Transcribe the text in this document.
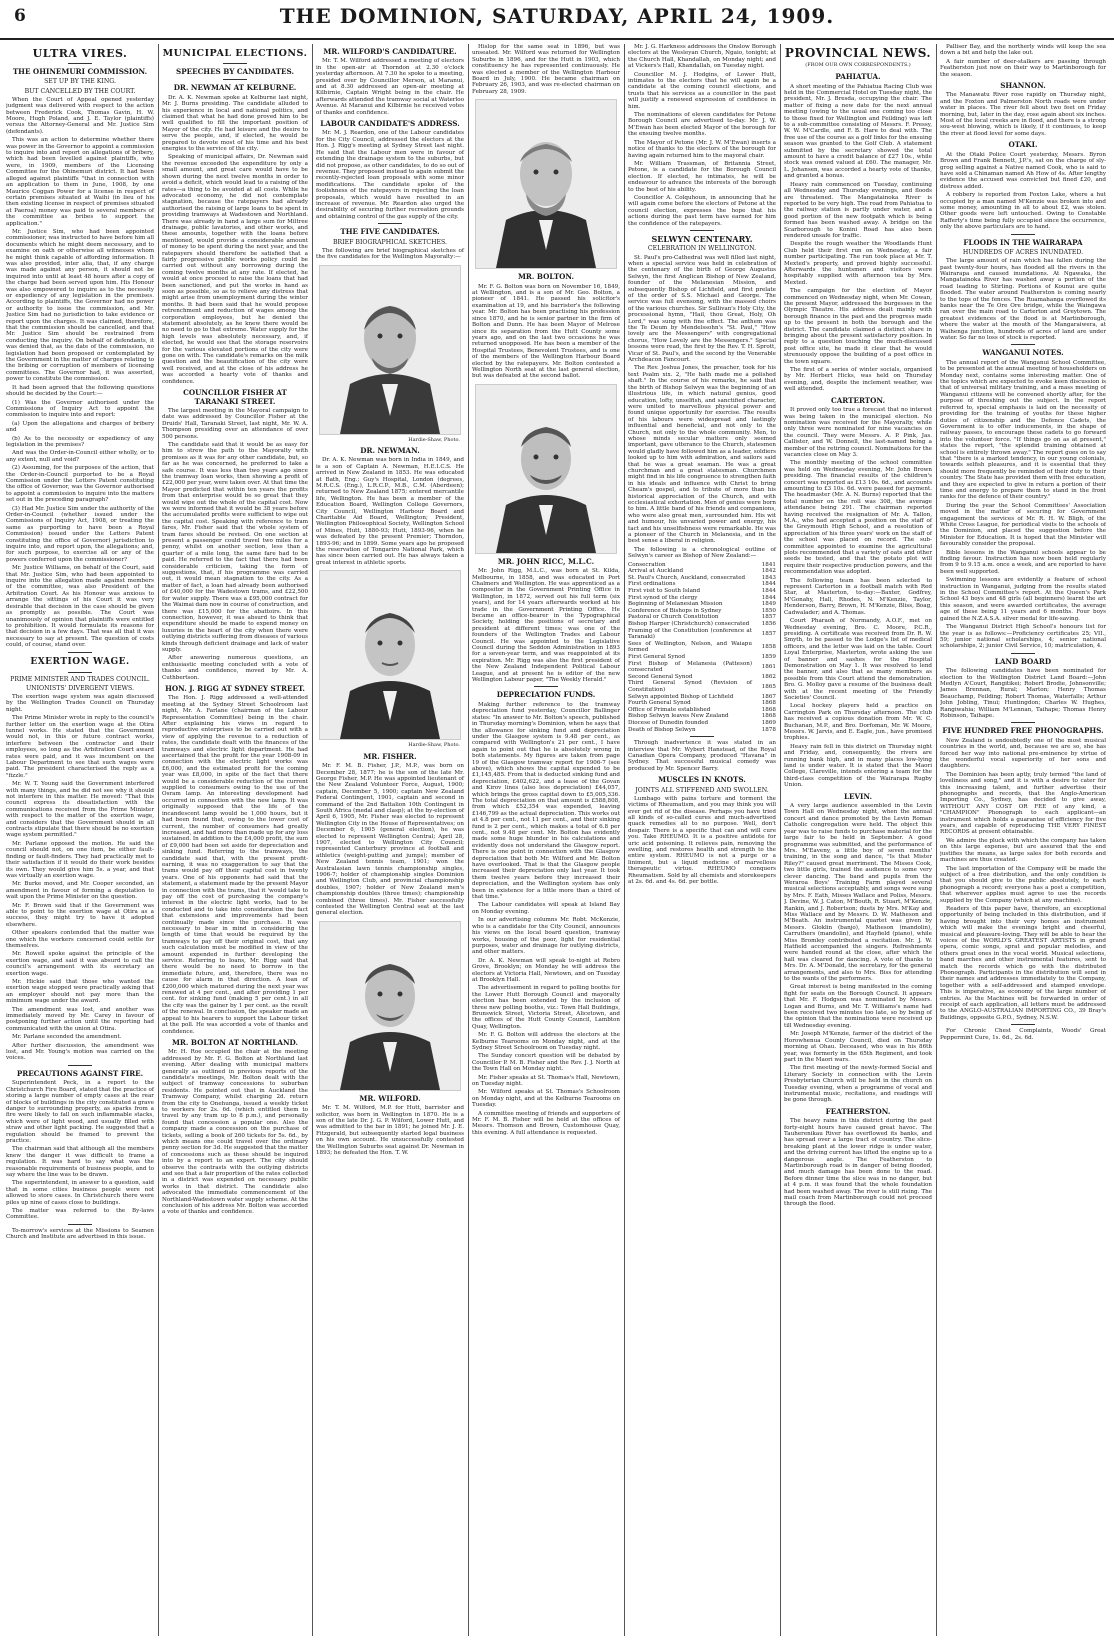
6	THE DOMINION, SATURDAY, APRIL 24, 1909.
ULTRA VIRES.
THE OHINEMURI COMMISSION.
SET UP BY THE KING.
BUT CANCELLED BY THE COURT.

When the Court of Appeal opened yesterday judgment was delivered with respect to the action between Frederick Cook, Thomas Gavin, H. W. Moore, Hugh Poland, and J. E. Taylor (plaintiffs) versus the Attorney-General and Mr. Justice Sim (defendants).

This was an action to determine whether there was power in the Governor to appoint a commission to inquire into and report on allegations of bribery, which had been levelled against plaintiffs, who were, in 1909, members of the Licensing Committee for the Ohinemuri district. It had been alleged against plaintiffs "that in connection with an application to them in June, 1908, by one Maurice Coggan Power for a license in respect of certain premises situated at Waihi (in lieu of his then existing license in respect of premises situated at Paeroa) money was paid to several members of the committee as bribes to support the application."

Mr. Justice Sim, who had been appointed commissioner, was instructed to have before him all documents which he might deem necessary, and to examine on oath or otherwise all witnesses whom he might think capable of affording information. It was also provided, inter alia, that, if any charge was made against any person, it should not be inquired into until at least 48 hours after a copy of the charge had been served upon him. His Honour was also empowered to inquire as to the necessity or expediency of any legislation in the premises. According to plaintiffs, the Governor had no power or authority to issue the commission, and Mr. Justice Sim had no jurisdiction to take evidence or report upon the charges. It was claimed, therefore, that the commission should be cancelled, and that Mr. Justice Sim should be restrained from conducting the inquiry. On behalf of defendants, it was denied that, as the date of the commission, no legislation had been proposed or contemplated by the Government in the matter of charges relating to the bribing or corruption of members of licensing committees. The Governor had, it was asserted, power to constitute the commission.

It had been agreed that the following questions should be decided by the Court:—

(1) Was the Governor authorised under the Commissions of Inquiry Act to appoint the commission to inquire into and report:

(a) Upon the allegations and charges of bribery and

(b) As to the necessity or expediency of any legislation in the premises?

And was the Order-in-Council either wholly, or to any extent, null and void?

(2) Assuming, for the purposes of the action, that the Order-in-Council purported to be a Royal Commission under the Letters Patent constituting the office of Governor, was the Governor authorised to appoint a commission to inquire into the matters set out in the preceding paragraph?

(3) Had Mr. Justice Sim under the authority of the Order-in-Council (whether issued under the Commissions of Inquiry Act, 1908, or treating the same as purporting to have been a Royal Commission) issued under the Letters Patent constituting the office of Governor) jurisdiction to inquire into, and report upon, the allegations; and, for such purpose, to exercise all or any of the powers conferred upon the commissioner?

Mr. Justice Williams, on behalf of the Court, said that Mr. Justice Sim, who had been appointed to inquire into the allegation made against members of the committee, was also President of the Arbitration Court. As his Honour was anxious to arrange the sittings of his Court it was very desirable that decision in the case should be given as promptly as possible. The Court was unanimously of opinion that plaintiffs were entitled to prohibition. It would formulate its reasons for that decision in a few days. That was all that it was necessary to say at present. The question of costs could, of course, stand over.

EXERTION WAGE.
PRIME MINISTER AND TRADES COUNCIL.
UNIONISTS' DIVERGENT VIEWS.

The exertion wage system was again discussed by the Wellington Trades Council on Thursday night.

The Prime Minister wrote in reply to the council's further letter on the exertion wage at the Otira tunnel works. He stated that the Government would not, in this or future contract works, interfere between the contractor and their employees, so long as the Arbitration Court award rates were paid, and it was incumbent on the Labour Department to see that such wages were paid. The president characterised the reply as a "fizzle."

Mr. W. T. Young said the Government interfered with many things, and he did not see why it should not interfere in this matter. He moved: "That this council express its dissatisfaction with the communications received from the Prime Minister with respect to the matter of the exertion wage, and considers that the Government should in all contracts stipulate that there should be no exertion wage system permitted."

Mr. Parlane opposed the motion. He said the council should not, on one item, be either fault-finding or fault-finders. They had practically met to their satisfaction if it would do their work besides its own. They would give him 5s. a year, and that was virtually an exertion wage.

Mr. Burke moved, and Mr. Cooper seconded, an amendment in favour of forming a deputation to wait upon the Prime Minister on the question.

Mr. F. Brown said that if the Government was able to point to the exertion wage at Otira as a success, they might try to have it adopted elsewhere.

Other speakers contended that the matter was one which the workers concerned could settle for themselves.

Mr. Rowell spoke against the principle of the exertion wage, and said it was absurd to call the council's arrangement with its secretary an exertion wage.

Mr. Hickie said that those who wanted the exertion wage stopped were practically asking that an employer should not pay more than the minimum wage under the award.

The amendment was lost, and another was immediately moved by Mr. Carey in favour of postponing further action until the reporting had communicated with the union at Otira.

Mr. Parlane seconded the amendment.

After further discussion, the amendment was lost, and Mr. Young's motion was carried on the voices.

PRECAUTIONS AGAINST FIRE.

Superintendent Peck, in a report to the Christchurch Fire Board, stated that the practice of storing a large number of empty cases at the rear of blocks of buildings in the city constituted a grave danger to surrounding property, as sparks from a fire were likely to fall on such inflammable stacks, which were of light wood, and usually filled with straw and other light packing. He suggested that a regulation should be framed to prevent the practice.

The chairman said that although all the members knew the danger it was difficult to frame a regulation. It was hard to say what was the reasonable requirements of business people, and to say where the line was to be drawn.

The superintendent, in answer to a question, said that in some cities business people were not allowed to store cases. In Christchurch there were piles up nine of cases close to buildings.

The matter was referred to the By-laws Committee.

To-morrow's services at the Missions to Seamen Church and Institute are advertised in this issue.

MUNICIPAL ELECTIONS.
SPEECHES BY CANDIDATES.
DR. NEWMAN AT KELBURNE.

Dr. A. K. Newman spoke at Kelburne last night, Mr. J. Burns presiding. The candidate alluded to his experience in local and national politics, and claimed that what he had done proved him to be well qualified to fill the important position of Mayor of the city. He had leisure and the desire to serve the people, and, if elected, he would be prepared to devote most of his time and his best energies to the service of the city.

Speaking of municipal affairs, Dr. Newman said the revenue exceeded the expenditure by only a small amount, and great care would have to be shown during the next twelve months in order to avoid a deficit, which would lead to a raising of the rates—a thing to be avoided at all costs. While he advocated economy, he did not contemplate stagnation, because the ratepayers had already authorised the raising of large loans to be spent in providing tramways at Wadestown and Northland. There was already in hand a large sum for Miltree drainage, public lavatories, and other works, and these amounts, together with the loans before mentioned, would provide a considerable amount of money to be spent during the next year, and the ratepayers should therefore be satisfied that a fairly progressive public works policy could be carried out without any borrowing during the coming twelve months at any rate. If elected, he would at once proceed to raise the loans that had been sanctioned, and put the works in hand as soon as possible, so as to relieve any distress that might arise from unemployment during the winter months. It had been said that he would propose retrenchment and reduction of wages among the corporation employees, but he denied the statement absolutely, as he knew there would be no need to go to that extreme. Water supply for the high levels was absolutely necessary, and, if elected, he would see that the storage reservoirs for the various elevated portions of the city were gone on with. The candidate's remarks on the milk question and the beautification of the city were well received, and at the close of his address he was accorded a hearty vote of thanks and confidence.

COUNCILLOR FISHER AT TARANAKI STREET.

The largest meeting in the Mayoral campaign to date was addressed by Councillor Fisher at the Druids' Hall, Taranaki Street, last night, Mr. W. A. Thompson presiding over an attendance of over 500 persons.

The candidate said that it would be as easy for him to strew the path to the Mayoralty with promises as it was for any other candidate, but, so far as he was concerned, he preferred to take a safe course. It was less than two years ago since the tramway loan works, then showing a profit of £22,000 per year, were taken over. At that time the Mayor predicted that within ten years the profits from that enterprise would be so great that they would wipe out the whole of the capital cost. Now we were informed that it would be 38 years before the accumulated profits were sufficient to wipe out the capital cost. Speaking with reference to tram fares, Mr. Fisher said that the whole system of tram fares should be revised. On one section at present a passenger could travel two miles for a penny, whilst on another section, less than a quarter of a mile long, the same fare had to be paid. He referred to the fact that there had been considerable criticism, taking the form of suggestions, that, if his programme was carried out, it would mean stagnation to the city. As a matter of fact, a loan had already been authorised of £40,000 for the Wadestown trams, and £22,500 for water supply. There was a £95,000 contract for the Waimai dam now in course of construction, and there was £15,000 for the abattoirs. In this connection, however, it was absurd to think that expenditure should be made to expend money on luxuries in the heart of the city when there were outlying districts suffering from diseases of various kinds through deficient drainage and lack of water supply.

After answering numerous questions, an enthusiastic meeting concluded with a vote of thanks and confidence, moved by Mr. A. Cuthbertson.

HON. J. RIGG AT SYDNEY STREET.

The Hon. J. Rigg addressed a well-attended meeting at the Sydney Street Schoolroom last night, Mr. A. Farlane (chairman of the Labour Representation Committee) being in the chair. After explaining his views in regard to reproductive enterprises to be carried out with a view of applying the revenue to a reduction of rates, the candidate dealt with the finances of the tramways and electric light department. He had ascertained that the profit for the year 1908-09 in connection with the electric light works was £6,000, and the estimated profit for the coming year was £8,000, in spite of the fact that there would be a considerable reduction of the current supplied to consumers owing to the use of the Osram lamp. An interesting development had occurred in connection with the new lamp. It was originally supposed that the life of the incandescent lamp would be 1,000 hours, but it had been found that, owing to the lower cost of current, the number of consumers had greatly increased, and had more than made up for any loss sustained. In addition to the £4,000 profit, the sum of £9,000 had been set aside for depreciation and sinking fund. Referring to the tramways, the candidate said that, with the present profit-earning, it was no exaggeration to say that the trams would pay off their capital cost in twenty years. One of his opponents had said that the statement, a statement made by the present Mayor in connection with the trams, that it 'would take to pay off the cost of purchasing the company's interest in the electric light works, had to be conducted and to take into consideration the fact that extensions and improvements had been continually made since the purchase. It was necessary to bear in mind in considering the length of time that would be required by the tramways to pay off their original cost, that any such calculation must be modified in view of the amount expended in further developing the service. Referring to loans, Mr. Rigg said that there would be no need to borrow in the immediate future, and, therefore, there was no cause for alarm in that direction. A loan of £200,000 which matured during the next year was renewed at 4 per cent., and after providing 1 per cent. for sinking fund (making 5 per cent.) in all the city was the gainer by 1 per cent. as the result of the renewal. In conclusion, the speaker made an appeal to his hearers to support the Labour ticket at the poll. He was accorded a vote of thanks and confidence.

MR. BOLTON AT NORTHLAND.

Mr. H. Roe occupied the chair at the meeting addressed by Mr. F. G. Bolton at Northland last evening. After dealing with municipal matters generally as outlined in previous reports of the candidate's meetings, Mr. Bolton dealt with the subject of tramway concessions to suburban residents. He pointed out that in Auckland the Tramway Company, whilst charging 2d. return from the city to Onehunga, issued a weekly ticket to workers for 2s. 6d. (which entitled them to travel by any tram up to 8 p.m.), and personally found that concession a popular one. Also the company made a concession on the purchase of tickets, selling a book of 260 tickets for 5s. 6d., by which means one could travel over the ordinary penny section for 3d. He suggested that the matter of concessions such as these should be inquired into by a report to an expert. The city should observe the contrasts with the outlying districts and see that a fair proportion of the rates collected in a district was expended on necessary public works in that district. The candidate also advocated the immediate commencement of the Northland-Wadestown water supply scheme. At the conclusion of his address Mr. Bolton was accorded a vote of thanks and confidence.

MR. WILFORD'S CANDIDATURE.

Mr. T. M. Wilford addressed a meeting of electors in the open-air at Thorndon at 2.30 o'clock yesterday afternoon. At 7.30 he spoke to a meeting, presided over by Councillor Merson, at Maranui, and at 8.30 addressed an open-air meeting at Kilbirnie, Captain Wright being in the chair. He afterwards attended the tramway social at Waterloo Avenue. At Maranui and Kilbirnie he received votes of thanks and confidence.

LABOUR CANDIDATE'S ADDRESS.

Mr. M. J. Reardon, one of the Labour candidates for the City Council, addressed the electors at the Hon. J. Rigg's meeting at Sydney Street last night. He said that the Labour men were in favour of extending the drainage system to the suburbs, but did not propose, as other candidates, to do so out of revenue. They proposed instead to again submit the recently-rejected loan proposals with some minor modifications. The candidate spoke of the foolishness of the ratepayers in rejecting the loan proposals, which would have resulted in an increase of revenue. Mr. Reardon also urged the desirability of securing further recreation grounds and obtaining control of the gas supply of the city.

THE FIVE CANDIDATES.
BRIEF BIOGRAPHICAL SKETCHES.

The following are brief biographical sketches of the five candidates for the Wellington Mayoralty:—

Hardie-Shaw, Photo.
DR. NEWMAN.

Dr. A. K. Newman was born in India in 1849, and is a son of Captain A. Newman, H.E.I.C.S. He arrived in New Zealand in 1853. He was educated at Bath, Eng.; Guy's Hospital, London (degrees, M.R.C.S. (Eng.), L.R.C.P., M.B., C.M. (Aberdeen); returned to New Zealand 1875; entered mercantile life, Wellington. He has been a member of the Education Board, Wellington College Governors, City Council, Wellington Harbour Board and Charitable Aid Board, Wellington; President, Wellington Philosophical Society, Wellington School of Mines, Hutt, 1880-93; Hutt, 1893-96, when he was defeated by the present Premier; Thorndon, 1893-96; and in 1899. Some years ago he proposed the reservation of Tongariro National Park, which has since been carried out. He has always taken a great interest in athletic sports.

Hardie-Shaw, Photo.
MR. FISHER.

Mr. F. M. B. Fisher, J.P., M.P., was born on December 28, 1877; he is the son of the late Mr. George Fisher, M.P. He was appointed lieutenant of the New Zealand Volunteer Force, August, 1900; captain, December 5, 1900; captain New Zealand Federal Contingent, 1901, captain and second in command of the 2nd Battalion 10th Contingent in South Africa (medal and clasp); at the by-election of April 6, 1905, Mr. Fisher was elected to represent Wellington City in the House of Representatives; on December 6, 1905 (general election), he was elected to represent Wellington Central; April 28, 1907, elected to Wellington City Council; represented Canterbury province at football and athletics (weight-putting and jumps); member of New Zealand tennis team, 1901; won the Australasian lawn tennis championship singles, 1906-7; holder of championship singles Dominion and Wellington Club, and provincial championship doubles, 1907; holder of New Zealand men's championship doubles (three times); championship combined (three times). Mr. Fisher successfully contested the Wellington Central seat at the last general election.

MR. WILFORD.

Mr. T. M. Wilford, M.P. for Hutt, barrister and solicitor, was born in Wellington in 1870. He is a son of the late Dr. J. G. P. Wilford, Lower Hutt, and was admitted to the bar in 1891; he joined Mr. J. E. Fitzgerald, but subsequently started legal business on his own account. He unsuccessfully contested the Wellington Suburbs seat against Dr. Newman in 1893; he defeated the Hon. T. W.

Hislop for the same seat in 1896, but was unseated. Mr. Wilford was returned for Wellington Suburbs in 1896, and for the Hutt in 1903, which constituency he has represented continuously. He was elected a member of the Wellington Harbour Board in July, 1900. He became chairman on February 26, 1903, and was re-elected chairman on February 28, 1909.

MR. BOLTON.

Mr. F. G. Bolton was born on November 16, 1849, at Wellington, and is a son of Mr. Geo. Bolton, a pioneer of 1841. He passed his solicitor's examination at 19, and his barrister's the following year. Mr. Bolton has been practising his profession since 1870, and he is senior partner in the firm of Bolton and Dunn. He has been Mayor of Melrose since its separation from the Hutt County some years ago, and on the last two occasions he was returned unopposed. He has been a member of the Hospital Trustees, Benevolent Trustees, and is one of the members of the Wellington Harbour Board elected by the ratepayers. Mr. Bolton contested a Wellington North seat at the last general election, but was defeated at the second ballot.

MR. JOHN RICC, M.L.C.

Mr. John Rigg, M.L.C., was born at St. Kilda, Melbourne, in 1858, and was educated in Port Chalmers and Wellington. He was apprenticed as a compositor in the Government Printing Office in Wellington, in 1872, served out his full term (six years), and for 14 years afterwards worked at his trade in the Government Printing Office. He became an office-bearer in the Typographical Society, holding the positions of secretary and president at different times; was one of the founders of the Wellington Trades and Labour Council. He was appointed to the Legislative Council during the Seddon Administration in 1893 for a seven-year term, and was reappointed at its expiration. Mr. Rigg was also the first president of the New Zealand Independent Political Labour League, and at present he is editor of the new Wellington Labour paper, "The Weekly Herald."

DEPRECIATION FUNDS.

Making further reference to the tramway depreciation fund yesterday, Councillor Ballinger states: "In answer to Mr. Bolton's speech, published in Thursday morning's Dominion, when he says that the allowance for sinking fund and depreciation under the Glasgow system is 9.48 per cent., as compared with Wellington's 21 per cent., I have again to point out that he is absolutely wrong in both statements. My figures are taken from page 19 of the Glasgow tramway report for 1906-7 (see above), which shows the capital expended to be £1,145,485. From that is deducted sinking fund and depreciation, £402,622, and a lease of the Govan and Kirov lines (also less depreciation) £44,057, which brings the gross capital down to £5,005,336. The total depreciation on that amount is £588,808, from which £52,354 was expended, leaving £146,799 as the actual depreciation. This works out at 4.8 per cent., not 11 per cent., and their sinking fund is 2 per cent., which makes a total of 6.8 per cent., not 9.48 per cent. Mr. Bolton has evidently made some huge blunder in his calculations and evidently does not understand the Glasgow report. There is one point in connection with the Glasgow depreciation that both Mr. Wilford and Mr. Bolton have overlooked. That is that the Glasgow people increased their depreciation only last year. It took them twelve years before they increased their depreciation, and the Wellington system has only been in existence for a little more than a third of that time."

The Labour candidates will speak at Island Bay on Monday evening.

In our advertising columns Mr. Robt. McKenzie, who is a candidate for the City Council, announces his views on the local board question, tramway works, housing of the poor, light for residential purposes, water and drainage for outlying districts, and other matters.

Dr. A. K. Newman will speak to-night at Rebro Grove, Brooklyn; on Monday he will address the electors at Victoria Hall, Newtown, and on Tuesday at Brooklyn Hall.

The advertisement in regard to polling booths for the Lower Hutt Borough Council and mayoralty election has been extended by the inclusion of three new polling booths, viz.: Town Hall Buildings, Brunswick Street, Victoria Street, Alicetown, and the offices of the Hutt County Council, Lambton Quay, Wellington.

Mr. F. G. Bolton will address the electors at the Kelburne Tearooms on Monday night, and at the Sydney Street Schoolroom on Tuesday night.

The Sunday concert question will be debated by Councillor P. M. B. Fisher and the Rev. J. J. North at the Town Hall on Monday night.

Mr. Fisher speaks at St. Thomas's Hall, Newtown, on Tuesday night.

Mr. Wilford speaks at St. Thomas's Schoolroom on Monday night, and at the Kelburne Tearooms on Tuesday.

A committee meeting of friends and supporters of Mr. F. M. B. Fisher will be held at the offices of Messrs. Thomson and Brown, Customhouse Quay, this evening. A full attendance is requested.

Mr. J. G. Harkness addresses the Onslow Borough electors at the Wesleyan Church, Ngaio, tonight; at the Church Hall, Khandallah, on Monday night; and at Vickers's Hall, Khandallah, on Tuesday night.

Councillor M. J. Hodgins, of Lower Hutt, intimates to the electors that he will again be a candidate at the coming council elections, and trusts that his services as a councillor in the past will justify a renewed expression of confidence in him.

The nominations of eleven candidates for Petone Borough Council are advertised to-day. Mr. J. W. M'Ewan has been elected Mayor of the borough for the ensuing twelve months.

The Mayor of Petone (Mr. J. W. M'Ewan) inserts a notice of thanks to the electors of the borough for having again returned him to the mayoral chair.

Mr. William Trassman, of Britannia Street, Petone, is a candidate for the Borough Council election. If elected, he intimates, he will be endeavour to advance the interests of the borough to the best of his ability.

Councillor A. Colquhoun, in announcing that he will again come before the electors of Petone at the council election, expresses the hope that his actions during the past term have earned for him the confidence of the ratepayers.

SELWYN CENTENARY.
CELEBRATION IN WELLINGTON.

St. Paul's pro-Cathedral was well filled last night, when a special service was held in celebration of the centenary of the birth of George Augustus Selwyn, the first Anglican Bishop of New Zealand, founder of the Melanesian Mission, and subsequently Bishop of Lichfield, and first prelate of the order of S.S. Michael and George. The service was full evensong, with the massed choirs of the various churches. Sir Sullivan's Holy City, the processional hymn, "Hail, thou Great, Holy, Oh Lord," was sung with fine effect. The anthem was the Te Deum by Mendelssohn's "St. Paul," "How lovely are the Messengers" with congregational chorus, "How Lovely are the Messengers." Special lessons were read, the first by the Rev. T. H. Sprott, Vicar of St. Paul's, and the second by the Venerable Archdeacon Fancourt.

The Rev. Joshua Jones, the preacher, took for his text Psalm xix. 2, "He hath made me a polished shaft." In the course of his remarks, he said that the birth of Bishop Selwyn was the beginning of an illustrious life, in which natural genius, good education, lofty, unselfish, and sanctified character, were united to marvellous physical power and found unique opportunity for exercise. The results of his labours were widespread and lastingly influential and beneficial, and not only to the Church, not only to the whole community. Men, to whose minds secular matters only seemed important, gave utterance to the Church, statesmen would gladly have followed him as a leader, soldiers looked up to him with admiration, and sailors said that he was a great seaman. He was a great churchman and a great statesman. Churchmen might find in his life congruence to strengthen faith in his ideals and influence with Christ to bring Cheam's gospel, and to tribute of more than his historical appreciation of the Church, and with ecclesiastical exhortation. Men of genius were born to him. A little band of his friends and companions, who were also great men, surrounded him. His wit and humour, his unvaried power and energy, his tact and his unselfishness were remarkable. He was a pioneer of the Church in Melanesia, and in the best sense a liberal in religion.

The following is a chronological outline of Selwyn's career as Bishop of New Zealand:—

Consecration	1841
Arrival at Auckland	1842
St. Paul's Church, Auckland, consecrated	1843
First ordinations	1844
First visit to South Island	1844
First synod of the clergy	1844
Beginning of Melanesian Mission	1849
Conference of Bishops in Sydney	1850
Pastoral or Church Constitution	1857
Bishop Harper (Christchurch) consecrated	1856
Framing of the Constitution (conference at Taranaki)	1857
Sees of Wellington, Nelson, and Waiapu formed	1858
First General Synod	1859
First Bishop of Melanesia (Patteson) consecrated	1861
Second General Synod	1862
Third General Synod (Revision of Constitution)	1865
Selwyn appointed Bishop of Lichfield	1867
Fourth General Synod	1868
Office of Primate established	1868
Bishop Selwyn leaves New Zealand	1868
Diocese of Dunedin founded	1869
Death of Bishop Selwyn	1878

Through inadvertence it was stated in an interview that Mr. Wybert Hanstead, of the Royal Canadian Opera Company, produced "Havana" in Sydney. That successful musical comedy was produced by Mr. Spencer Barry.

MUSCLES IN KNOTS.
JOINTS ALL STIFFENED AND SWOLLEN.

Lumbago with pains torture and torment the victims of Rheumatism, and you may think you will ever get rid of the disease. Perhaps you have tried all kinds of so-called cures and much-advertised quack remedies all to no purpose. Well, don't despair. There is a specific that can and will cure you. Take RHEUMO. It is a positive antidote for uric acid poisoning. It relieves pain, removing the swelling, and restores health and strength to the entire system. RHEUMO is not a purge or a liniment, but a liquid medicine of marvellous therapeutic virtue. RHEUMO conquers Rheumatism. Sold by all chemists and storekeepers at 2s. 6d. and 4s. 6d. per bottle.

PROVINCIAL NEWS.
(FROM OUR OWN CORRESPONDENTS.)
PAHIATUA.

A short meeting of the Pahiatua Racing Club was held in the Commercial Hotel on Tuesday night, the president, Mr. J. Bresda, occupying the chair. The matter of fixing a new date for the next annual meeting (owing to the usual one coming too close to those fixed for Wellington and Feilding) was left to a sub-committee consisting of Messrs. F. Pressy, W. W. M'Cardle, and F. B. Hare to deal with. The free use of the course as a golf links for the ensuing season was granted to the Golf Club. A statement submitted by the secretary showed the total amount to have a credit balance of £27 10s., while stock was owned valued at £60. The manager, Mr. L. Johansen, was accorded a hearty vote of thanks, and granted a bonus.

Heavy rain commenced on Tuesday, continuing all Wednesday and Thursday evenings, and floods are threatened. The Mangatainoka River is reported to be very high. The road from Pahiatua to the railway station is partly under water, and a good portion of the new footpath which is being formed has been washed away. A bridge on the Scarborough to Konini Road has also been rendered unsafe for traffic.

Despite the rough weather the Woodlands Hunt Club held their first run on Wednesday, a fair number participating. The run took place at Mr. T. Mexted's property, and proved highly successful. Afterwards the huntsmen and visitors were hospitably supplied with afternoon tea by Mrs. Mexted.

The campaign for the election of Mayor commenced on Wednesday night, when Mr. Cowan, the present Mayor, addressed the burgesses in the Olympic Theatre. His address dealt mainly with borough finance in the past and the progress made up to the present in both the borough and the district. The candidate claimed a distinct share in bringing about the present satisfactory position. In reply to a question touching the much-discussed post office site, he made it clear that he would strenuously oppose the building of a post office in the town square.

The first of a series of winter socials, organised by Mr. Herbert Hicks, was held on Thursday evening, and, despite the inclement weather, was well attended.

CARTERTON.

It proved only too true a forecast that no interest was being taken in the municipal election. No nomination was received for the Mayoralty, while only three were nominated for nine vacancies on the council. They were Messrs. A. P. Pink, Jas. Callister, and W. Donnell, the last-named being a member of the retiring council. Nominations for the vacancies close on May 3.

The monthly meeting of the school committee was held on Wednesday evening, Mr. John Brown presiding. The financial results of the children's concert was reported as £13 10s. 6d., and accounts amounting to £3 10s. 6d. were passed for payment. The headmaster (Mr. A. N. Burns) reported that the total number on the roll was 308, the average attendance being 291. The chairman reported having received the resignation of Mr. A. Tallon, M.A., who had accepted a position on the staff of the Greymouth High School, and a resolution of appreciation of his three years' work on the staff of the school was placed on record. The sub-committee appointed to examine the agricultural plots recommended that a variety of oats and other seeds be tested, and that the potato plot will require their respective production powers, and the recommendation was adopted.

The following team has been selected to represent Carterton in a football match with Red Star, at Masterton, to-day:—Baxter, Godfrey, M'Gonahy, Hall, Rhodes, N. M'Kenzie, Taylor, Henderson, Barry, Brown, H. M'Kenzie, Bliss, Boag, Cadwalader; and A. Thomas.

Court Pharaoh of Normandy, A.O.F., met on Wednesday evening, Bro. C. Moore, P.C.R., presiding. A certificate was received from Dr. R. W. Smyth, to be passed to the Lodge's list of medical officers, and the letter was laid on the table. Court Loyal Enterprise, Masterton, wrote asking the use of banner and sashes for the Hospital Demonstration on May 1. It was resolved to lend the banner, and also that as many members as possible from this Court attend the demonstration. Bro. G. Molloy gave a resume of the business dealt with at the recent meeting of the Friendly Societies' Council.

Local hockey players held a practice on Carrington Park on Thursday afternoon. The club has received a copious donation from Mr. W. C. Buchanan, M.P., and Bro. Dorfoman, Mr. W. Moore, Messrs. W. Jarvis, and E. Eagle, jun., have promised trophies.

Heavy rain fell in this district on Thursday night and Friday, and, consequently, the rivers are running bank high, and in many places low-lying land is under water. It is stated that the Maori College, Clareville, intends entering a team for the third-class competition of the Wairarapa Rugby Union.

LEVIN.

A very large audience assembled in the Levin Town Hall on Wednesday night, when the annual concert and dance promoted by the Levin Roman Catholic congregation were held. The object this year was to raise funds to purchase material for the large fair to be held in September. A good programme was submitted, and the performance of Mrs. M'Eaveny, a little boy of seven months' training, in the song and dance, "Is that Mister Riley?" caused great merriment. The Misses Cook, two little girls, trained the audience to some very clever dancing. The band and pupils from the Weraroa Boys' Training Farm played several musical selections acceptably, and songs were sung by Mrs. F. Eath, Misses Wallace and Poliss, Messrs. J. Devine, W. J. Caton, M'Bouth, R. Stuart, M'Kenzie, Rankin, and J. Robertson; duets by Mrs. M'Kay and Miss Wallace and by Messrs. D. W. Matheson and M'Beath. An instrumental quartet was given by Messrs. Gloklin (banjo), Matheson (mandolin), Carruthers (mandolin), and Hayfield (piano), while Miss Bromley contributed a recitation. Mr. J. W. Hatfield accompanied the singers. Refreshments were handed round at the close, after which the hall was cleared for dancing. A vote of thanks to Mrs. Dr. A. M'Donald, the secretary, for the general arrangements, and also to Mrs. Biss for attending to the wants of the performers.

Great interest is being manifested in the coming fight for seats on the Borough Council. It appears that Mr. F. Hodgson was nominated by Messrs. Logan and Burns, and Mr. T. Williams's name had been received two minutes too late, so by being of the opinion that the nominations were received up till Wednesday evening.

Mr. Joseph M'Kenzie, farmer of the district of the Horowhenua County Council, died on Thursday morning at Ohau. Deceased, who was in his 86th year, was formerly in the 65th Regiment, and took part in the Maori wars.

The first meeting of the newly-formed Social and Literary Society in connection with the Levin Presbyterian Church will be held in the church on Tuesday evening, when a programme of vocal and instrumental music, recitations, and readings will be gone through.

FEATHERSTON.

The heavy rains in this district during the past forty-eight hours have caused great havoc. The Tauherenikau River has overflowed its banks, and has spread over a large tract of country. The slice-breaking plant at the lower ridge is under water, and the driving current has lifted the engine up to a dangerous angle. The Featherston to Martinborough road is in danger of being flooded, and much damage has been done to the road. Before dinner time the slice was in no danger, but at 4 p.m. it was found that the whole foundation had been washed away. The river is still rising. The mail coach from Martinborough could not proceed through the flood.

Palliser Bay, and the northerly winds will keep the sea down a bit and help the lake out.

A fair number of deer-stalkers are passing through Featherston just now on their way to Martinborough for the season.

SHANNON.

The Manawatu River rose rapidly on Thursday night, and the Foxton and Palmerston North roads were under water in places. The river fell about two feet on Friday morning, but, later in the day, rose again about six inches. Most of the local creeks are in flood, and there is a strong sou-west blowing, which is likely, if it continues, to keep the river at flood level for some days.

OTAKI.

At the Otaki Police Court yesterday, Messrs. Byron Brown and Frank Bennett, J.P.'s, sat on the charge of sly-grog selling against a Native named Cook, who is said to have sold a Chinaman named Ah How of 4s. After lengthy evidence the accused was convicted but fined £20, and distress added.

A robbery is reported from Foxton Lake, where a hut occupied by a man named M'Kenzie was broken into and some money, amounting in all to about £2, was stolen. Other goods were left untouched. Owing to Constable Rafferty's time being fully occupied since the occurrence, only the above particulars are to hand.

FLOODS IN THE WAIRARAPA
HUNDREDS OF ACRES INUNDATED.

The large amount of rain which has fallen during the past twenty-four hours, has flooded all the rivers in the Wairarapa and caused inundations. At Ngawaka, the Mangatainoka River has washed away a portion of the road leading to Stirling. Portions of Kounui are quite flooded. The water around Featherston is coming nearly to the tops of the fences. The Ruamahanga overflowed its banks near the Te Ore Ore bridge, while the Waingawa ran over the main road to Carterton and Greytown. The greatest evidences of the flood is at Martinborough, where the water at the mouth of the Mangaraiwera, at Waihenga junction, hundreds of acres of land are under water. So far no loss of stock is reported.

WANGANUI NOTES.

The annual report of the Wanganui School Committee, to be presented at the annual meeting of householders on Monday next, contains some interesting matter. One of the topics which are expected to evoke keen discussion is that of universal military training, and a mass meeting of Wanganui citizens will be convened shortly after, for the purpose of threshing out the subject. In the report referred to, special emphasis is laid on the necessity of providing for the training of youths for these higher duties of citizenship and the Defence Cadets, the Government is to offer inducements, in the shape of railway passes, to encourage these cadets to go forward into the volunteer force. "If things go on as at present," states the report, "the splendid training obtained at school is entirely thrown away." The report goes on to say that "there is a marked tendency, in our young colonials, towards selfish pleasures, and it is essential that they should more frequently be reminded of their duty to their country. The State has provided them with free education, and they are expected to give in return a portion of their time and energy to prepare them to stand in the front ranks for the defence of their country."

During the year the School Committees' Association moved in the matter of securing for Government engagement the services of Mr. R. H. W. Bligh, of the White Cross League, for periodical visits to the schools of the Dominion, and placed the suggestion before the Minister for Education. It is hoped that the Minister will favourably consider the proposal.

Bible lessons in the Wanganui schools appear to be finding favour. Instruction has now been held regularly from 9 to 9.15 a.m. once a week, and are reported to have been well supported.

Swimming lessons are evidently a feature of school instruction in Wanganui, judging from the results stated in the School Committee's report. At the Queen's Park School 43 boys and 48 girls (all beginners) learnt the art this season, and were awarded certificates, the average age of these being 11 years and 6 months. Four boys gained the N.Z.A.S.A. silver medal for life-saving.

The Wanganui District High School's honours list for the year is as follows:—Proficiency certificates 25; VII., 59; junior national scholarships, 4; senior national scholarships, 2; junior Civil Service, 10; matriculation, 4.

LAND BOARD

The following candidates have been nominated for election to the Wellington District Land Board:—John Medlyn A'Court, Rangitikei; Robert Brodie, Johnsonville; James Brennan, Rural; Marton; Henry Thomas Beauchamp, Feilding; Robert Thomas, Waterfalls; Arthur John Jobling, Tinui; Huntingdon; Charles W. Hughes, Rangiwahia; William M'Lennan, Taihape; Thomas Henry Robinson, Taihape.

FIVE HUNDRED FREE PHONOGRAPHS.

New Zealand is undoubtedly one of the most musical countries in the world, and, because we are so, she has forced her way into national pre-eminence by virtue of the wonderful vocal superiority of her sons and daughters.

The Dominion has been aptly, truly termed "the land of loveliness and song," and it is with a desire to cater for this increasing talent, and further advertise their phonographs and records, that the Anglo-American Importing Co., Sydney, has decided to give away, WITHOUT ANY COST OR FEE of any kind, a "CHAMPION" Phonograph to each applicant—an instrument which holds a guarantee of efficiency for five years, and capable of reproducing THE VERY FINEST RECORDS at present obtainable.

We admire the pluck with which the company has taken on this large expense, but are assured that the end justifies the means, as large sales for both records and machines are thus created.

The last importation of the Company will be made the subject of a free distribution, and the only condition is that you should give to the public absolutely, to each phonograph a record; everyone has a post a competition, that wherever applies must agree to use the records supplied by the Company (which at any machine).

Readers of this paper have, therefore, an exceptional opportunity of being included in this distribution, and if having brought into their very homes an instrument which will make the evenings bright and cheerful, musical and pleasure-loving. They will be able to hear the voices of the WORLD'S GREATEST ARTISTS in grand opera, comic songs, sprat and popular melodies, and others great ones in the vocal world. Musical selections, band marches and other instrumental features, sent to match the records which go with the distributed Phonograph. Participants in the distribution will send in their names and addresses immediately to the Company, together with a self-addressed and stamped envelope. This is imperative, as economy of the large number of entries. As the Machines will be forwarded in order of receipt of each application, all letters must be addressed to the ANGLO-AUSTRALIAN IMPORTING CO., 39 Bray's Buildings, opposite G.P.O., Sydney, N.S.W.

For Chronic Chest Complaints, Woods' Great Peppermint Cure, 1s. 6d., 2s. 6d.
